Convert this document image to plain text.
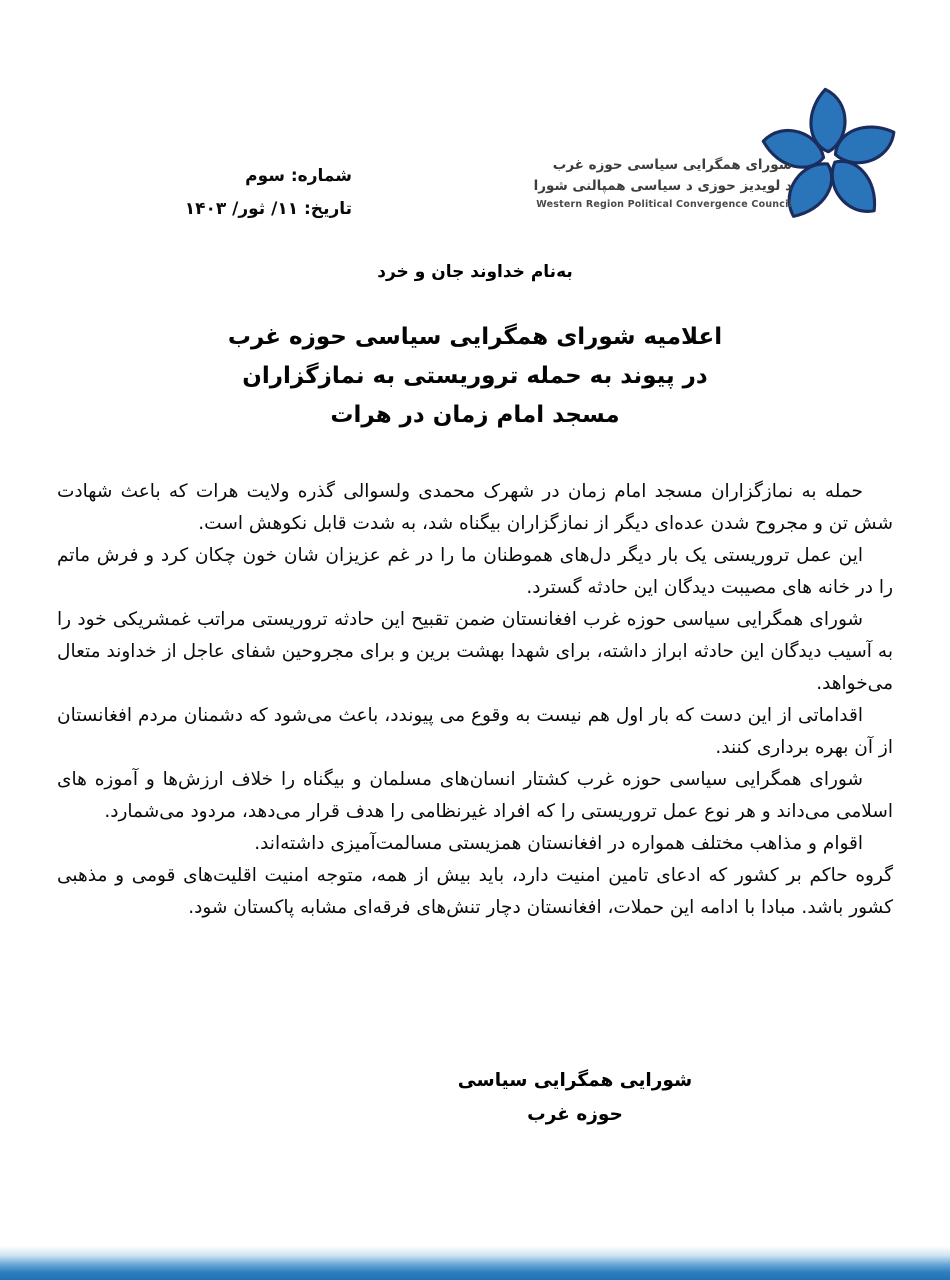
شماره: سوم
تاریخ: ۱۱/ ثور/ ۱۴۰۳
شورای همگرایی سیاسی حوزه غرب
د لویدیز حوزی د سیاسی همپالنی شورا
Western Region Political Convergence Council
به‌نام خداوند جان و خرد
اعلامیه شورای همگرایی سیاسی حوزه غرب
در پیوند به حمله تروریستی به نمازگزاران
مسجد امام زمان در هرات

حمله به نمازگزاران مسجد امام زمان در شهرک محمدی ولسوالی گذره ولایت هرات که باعث شهادت شش تن و مجروح شدن عده‌ای دیگر از نمازگزاران بیگناه شد، به شدت قابل نکوهش است.

این عمل تروریستی یک بار دیگر دل‌های هموطنان ما را در غم عزیزان شان خون چکان کرد و فرش ماتم را در خانه های مصیبت دیدگان این حادثه گسترد.

شورای همگرایی سیاسی حوزه غرب افغانستان ضمن تقبیح این حادثه تروریستی مراتب غمشریکی خود را به آسیب دیدگان این حادثه ابراز داشته، برای شهدا بهشت برین و برای مجروحین شفای عاجل از خداوند متعال می‌خواهد.

اقداماتی از این دست که بار اول هم نیست به وقوع می پیوندد، باعث می‌شود که دشمنان مردم افغانستان از آن بهره برداری کنند.

شورای همگرایی سیاسی حوزه غرب کشتار انسان‌های مسلمان و بیگناه را خلاف ارزش‌ها و آموزه های اسلامی می‌داند و هر نوع عمل تروریستی را که افراد غیرنظامی را هدف قرار می‌دهد، مردود می‌شمارد.

اقوام و مذاهب مختلف همواره در افغانستان همزیستی مسالمت‌آمیزی داشته‌اند.

گروه حاکم بر کشور که ادعای تامین امنیت دارد، باید بیش از همه، متوجه امنیت اقلیت‌های قومی و مذهبی کشور باشد. مبادا با ادامه این حملات، افغانستان دچار تنش‌های فرقه‌ای مشابه پاکستان شود.

شورایی همگرایی سیاسی
حوزه غرب
